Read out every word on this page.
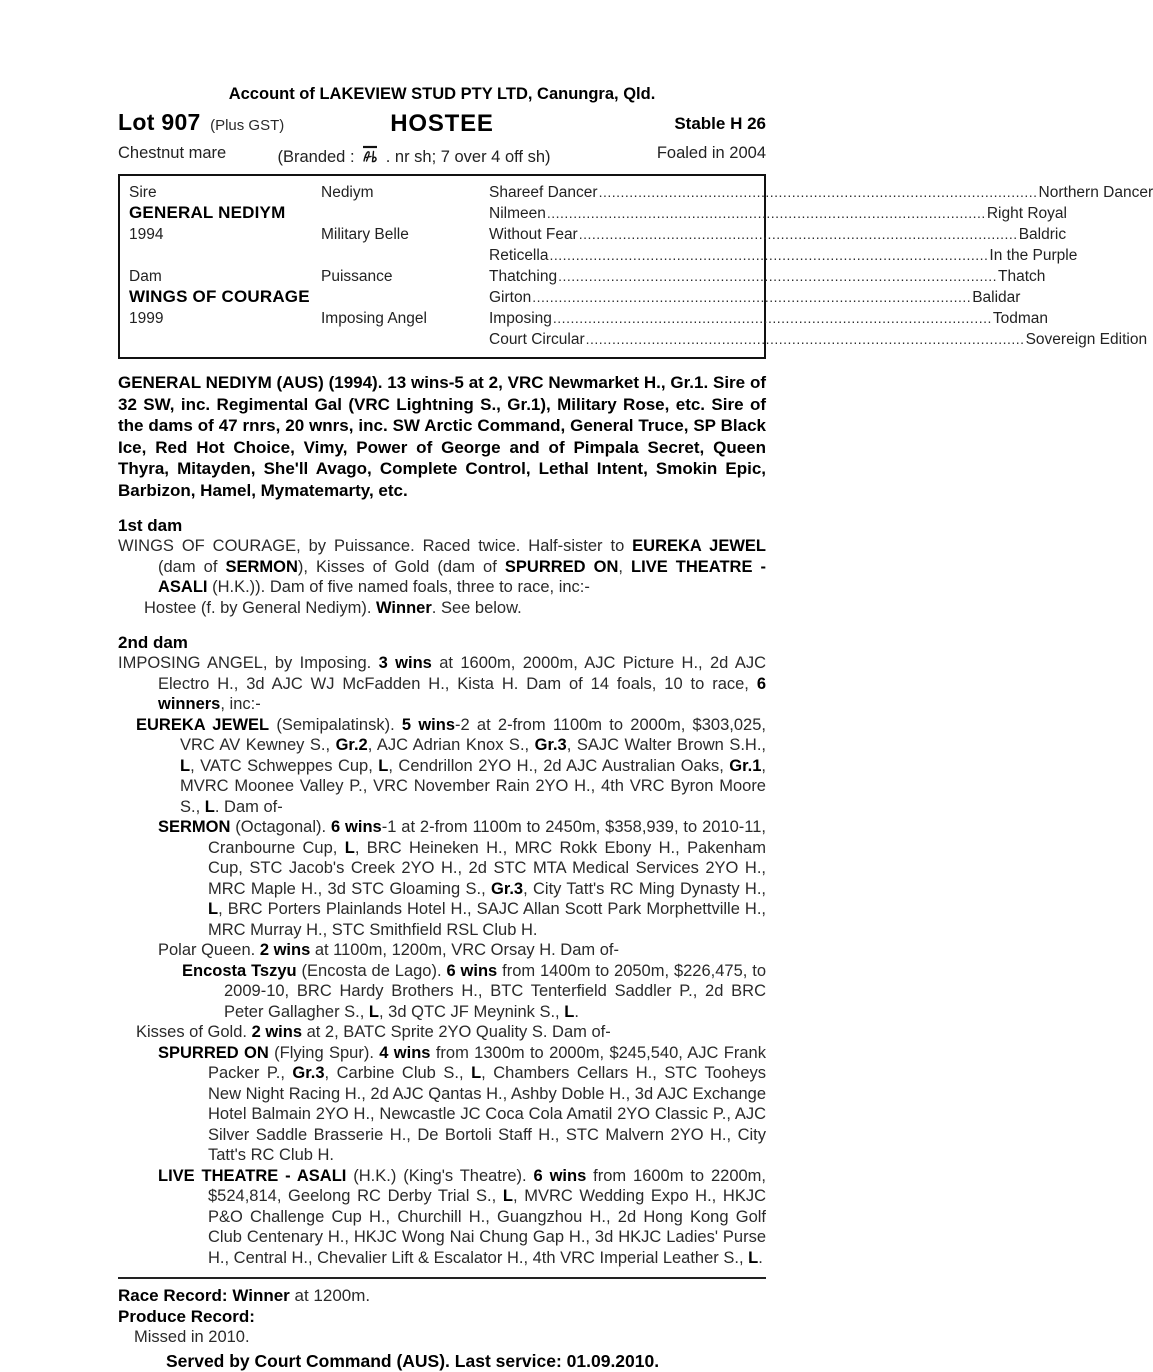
Account of LAKEVIEW STUD PTY LTD, Canungra, Qld.
Lot 907 (Plus GST)	HOSTEE	Stable H 26
Chestnut mare	(Branded : . nr sh; 7 over 4 off sh)	Foaled in 2004
Sire	Nediym	Shareef Dancer .....	Northern Dancer
GENERAL NEDIYM	Nilmeen .....	Right Royal
1994	Military Belle	Without Fear .....	Baldric
Reticella .....	In the Purple
Dam	Puissance	Thatching .....	Thatch
WINGS OF COURAGE	Girton .....	Balidar
1999	Imposing Angel	Imposing .....	Todman
Court Circular .....	Sovereign Edition
GENERAL NEDIYM (AUS) (1994). 13 wins-5 at 2, VRC Newmarket H., Gr.1. Sire of 32 SW, inc. Regimental Gal (VRC Lightning S., Gr.1), Military Rose, etc. Sire of the dams of 47 rnrs, 20 wnrs, inc. SW Arctic Command, General Truce, SP Black Ice, Red Hot Choice, Vimy, Power of George and of Pimpala Secret, Queen Thyra, Mitayden, She'll Avago, Complete Control, Lethal Intent, Smokin Epic, Barbizon, Hamel, Mymatemarty, etc.
1st dam
WINGS OF COURAGE, by Puissance. Raced twice. Half-sister to EUREKA JEWEL (dam of SERMON), Kisses of Gold (dam of SPURRED ON, LIVE THEATRE - ASALI (H.K.)). Dam of five named foals, three to race, inc:-
Hostee (f. by General Nediym). Winner. See below.
2nd dam
IMPOSING ANGEL, by Imposing. 3 wins at 1600m, 2000m, AJC Picture H., 2d AJC Electro H., 3d AJC WJ McFadden H., Kista H. Dam of 14 foals, 10 to race, 6 winners, inc:-
EUREKA JEWEL (Semipalatinsk). 5 wins-2 at 2-from 1100m to 2000m, $303,025, VRC AV Kewney S., Gr.2, AJC Adrian Knox S., Gr.3, SAJC Walter Brown S.H., L, VATC Schweppes Cup, L, Cendrillon 2YO H., 2d AJC Australian Oaks, Gr.1, MVRC Moonee Valley P., VRC November Rain 2YO H., 4th VRC Byron Moore S., L. Dam of-
SERMON (Octagonal). 6 wins-1 at 2-from 1100m to 2450m, $358,939, to 2010-11, Cranbourne Cup, L, BRC Heineken H., MRC Rokk Ebony H., Pakenham Cup, STC Jacob's Creek 2YO H., 2d STC MTA Medical Services 2YO H., MRC Maple H., 3d STC Gloaming S., Gr.3, City Tatt's RC Ming Dynasty H., L, BRC Porters Plainlands Hotel H., SAJC Allan Scott Park Morphettville H., MRC Murray H., STC Smithfield RSL Club H.
Polar Queen. 2 wins at 1100m, 1200m, VRC Orsay H. Dam of-
Encosta Tszyu (Encosta de Lago). 6 wins from 1400m to 2050m, $226,475, to 2009-10, BRC Hardy Brothers H., BTC Tenterfield Saddler P., 2d BRC Peter Gallagher S., L, 3d QTC JF Meynink S., L.
Kisses of Gold. 2 wins at 2, BATC Sprite 2YO Quality S. Dam of-
SPURRED ON (Flying Spur). 4 wins from 1300m to 2000m, $245,540, AJC Frank Packer P., Gr.3, Carbine Club S., L, Chambers Cellars H., STC Tooheys New Night Racing H., 2d AJC Qantas H., Ashby Doble H., 3d AJC Exchange Hotel Balmain 2YO H., Newcastle JC Coca Cola Amatil 2YO Classic P., AJC Silver Saddle Brasserie H., De Bortoli Staff H., STC Malvern 2YO H., City Tatt's RC Club H.
LIVE THEATRE - ASALI (H.K.) (King's Theatre). 6 wins from 1600m to 2200m, $524,814, Geelong RC Derby Trial S., L, MVRC Wedding Expo H., HKJC P&O Challenge Cup H., Churchill H., Guangzhou H., 2d Hong Kong Golf Club Centenary H., HKJC Wong Nai Chung Gap H., 3d HKJC Ladies' Purse H., Central H., Chevalier Lift & Escalator H., 4th VRC Imperial Leather S., L.
Race Record: Winner at 1200m.
Produce Record:
Missed in 2010.
Served by Court Command (AUS). Last service: 01.09.2010.
